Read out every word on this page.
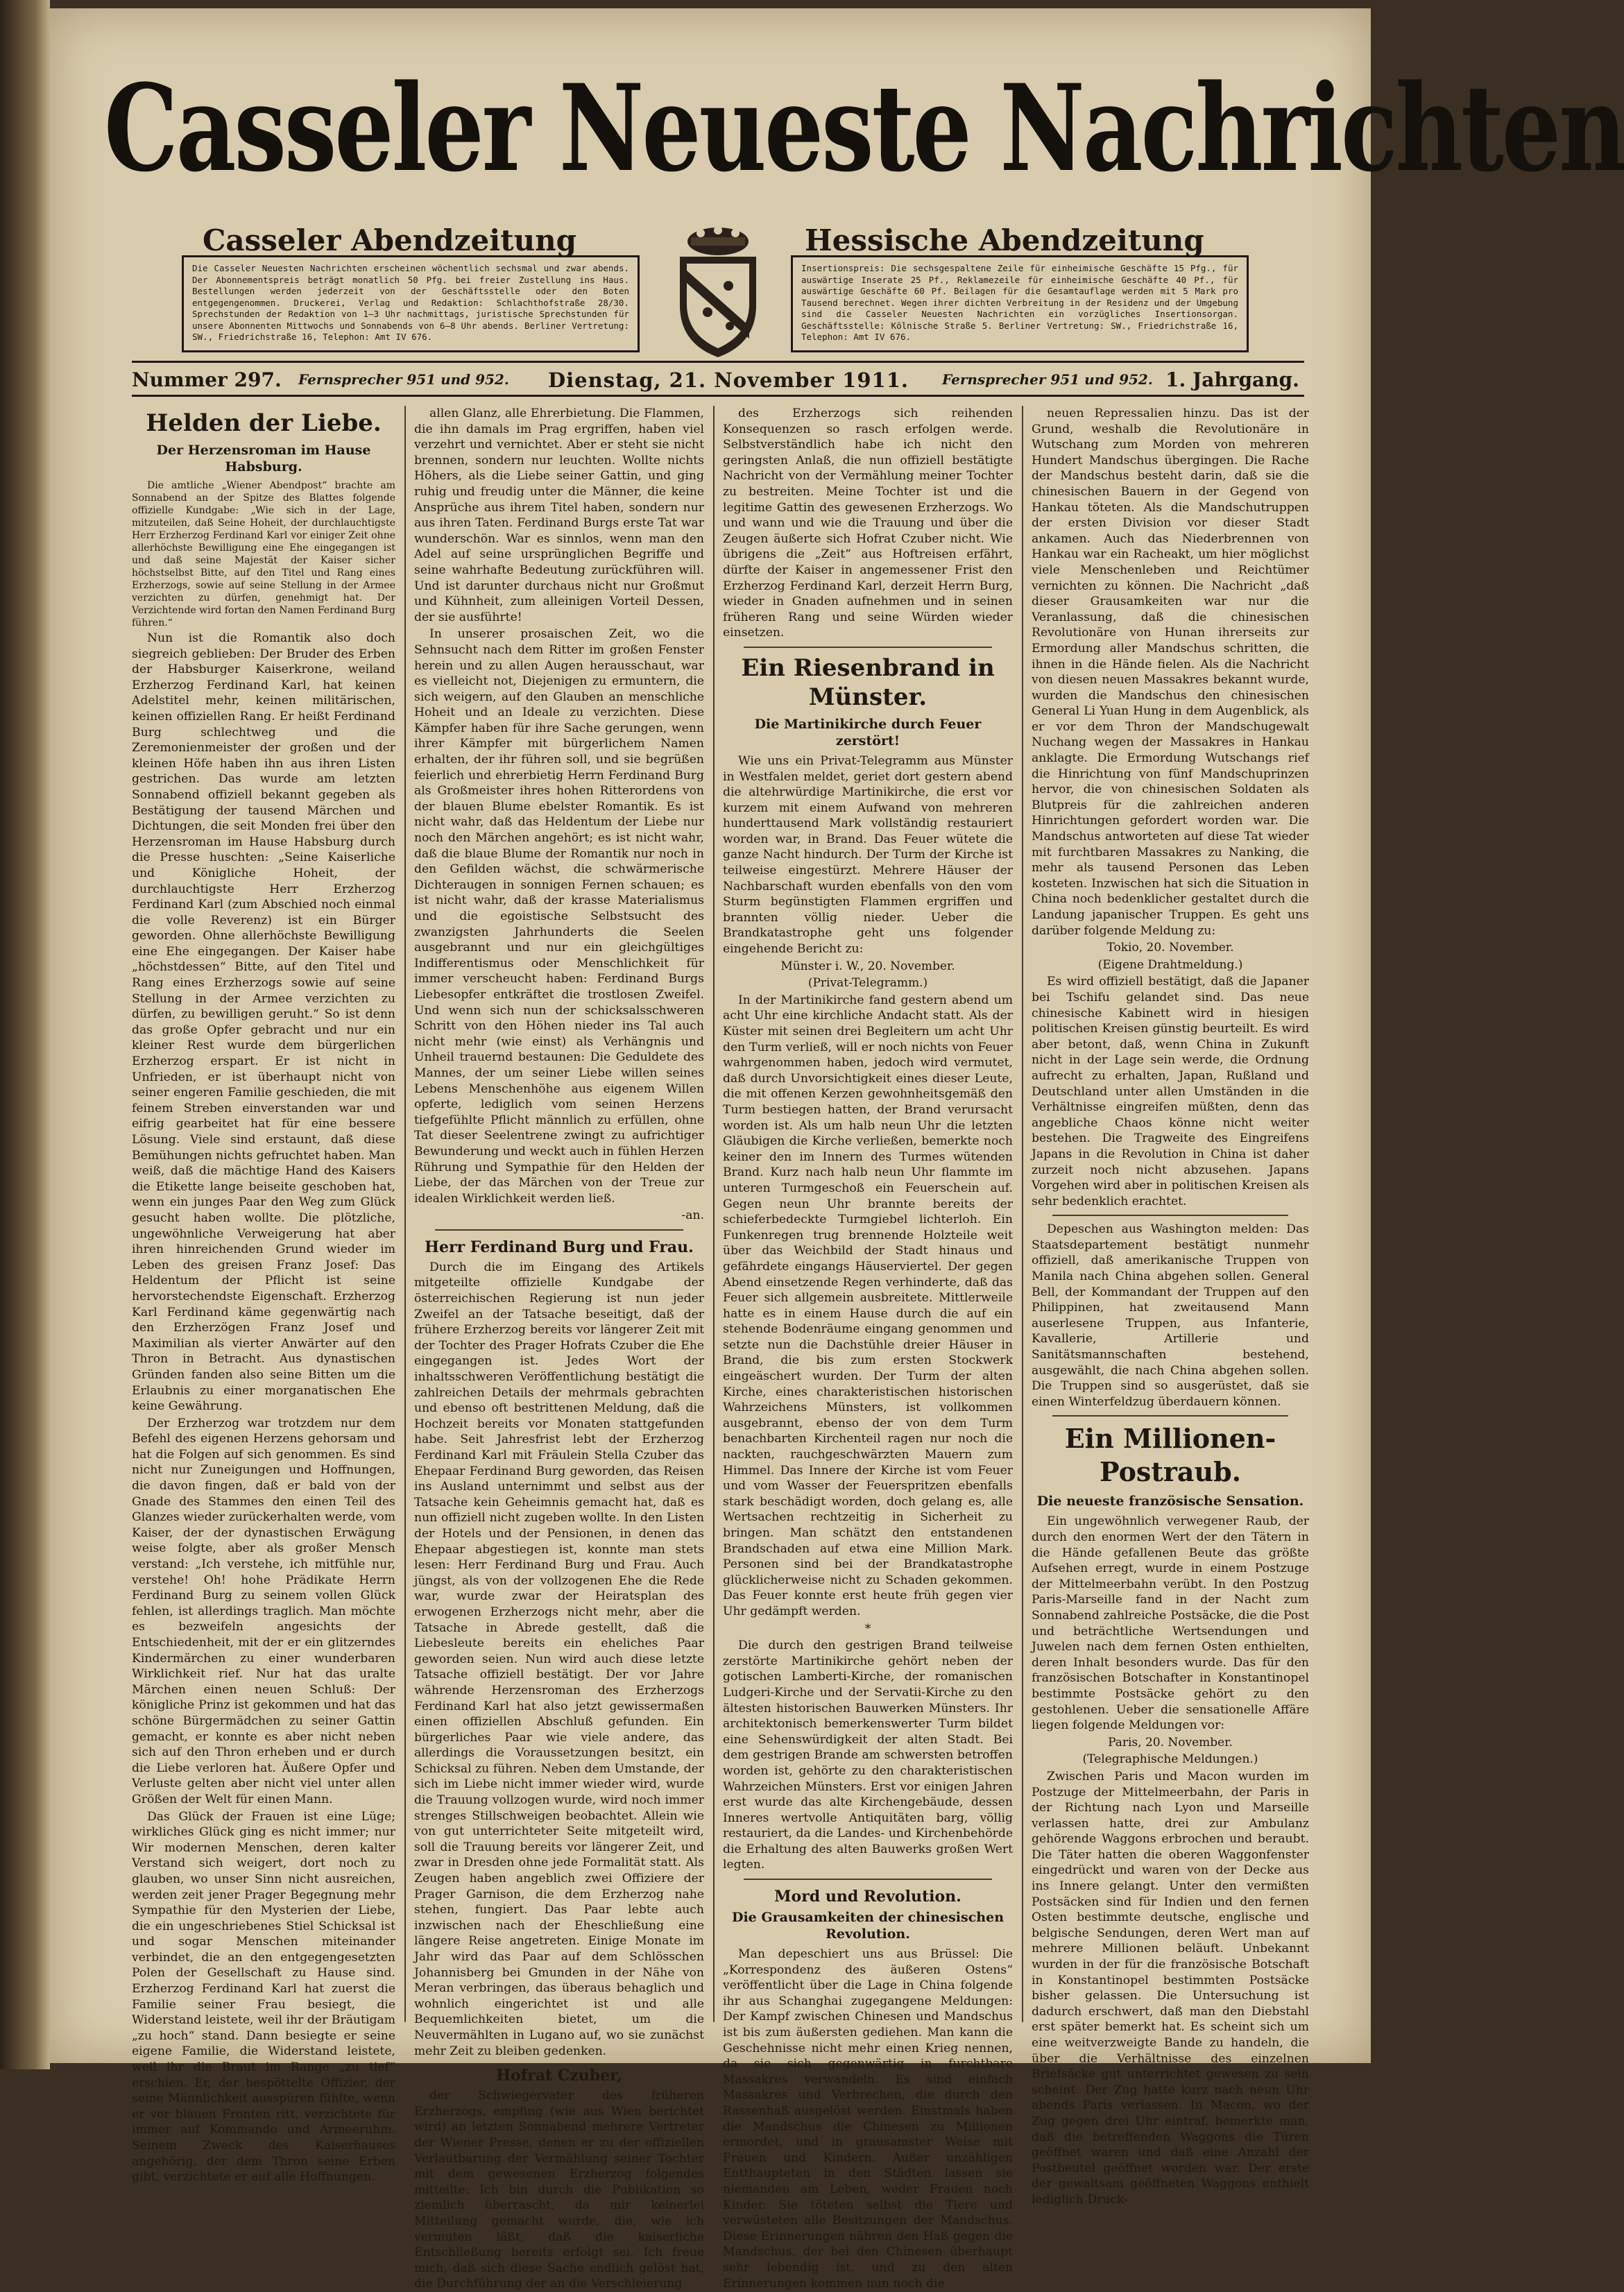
Casseler Neueste Nachrichten
Casseler Abendzeitung	Hessische Abendzeitung
Die Casseler Neuesten Nachrichten erscheinen wöchentlich sechsmal und zwar abends. Der Abonnementspreis beträgt monatlich 50 Pfg. bei freier Zustellung ins Haus. Bestellungen werden jederzeit von der Geschäftsstelle oder den Boten entgegengenommen. Druckerei, Verlag und Redaktion: Schlachthofstraße 28/30. Sprechstunden der Redaktion von 1–3 Uhr nachmittags, juristische Sprechstunden für unsere Abonnenten Mittwochs und Sonnabends von 6–8 Uhr abends. Berliner Vertretung: SW., Friedrichstraße 16, Telephon: Amt IV 676.
Insertionspreis: Die sechsgespaltene Zeile für einheimische Geschäfte 15 Pfg., für auswärtige Inserate 25 Pf., Reklamezeile für einheimische Geschäfte 40 Pf., für auswärtige Geschäfte 60 Pf. Beilagen für die Gesamtauflage werden mit 5 Mark pro Tausend berechnet. Wegen ihrer dichten Verbreitung in der Residenz und der Umgebung sind die Casseler Neuesten Nachrichten ein vorzügliches Insertionsorgan. Geschäftsstelle: Kölnische Straße 5. Berliner Vertretung: SW., Friedrichstraße 16, Telephon: Amt IV 676.
Nummer 297. Fernsprecher 951 und 952. Dienstag, 21. November 1911. Fernsprecher 951 und 952. 1. Jahrgang.
Helden der Liebe.
Der Herzensroman im Hause Habsburg.

Die amtliche „Wiener Abendpost“ brachte am Sonnabend an der Spitze des Blattes folgende offizielle Kundgabe: „Wie sich in der Lage, mitzuteilen, daß Seine Hoheit, der durchlauchtigste Herr Erzherzog Ferdinand Karl vor einiger Zeit ohne allerhöchste Bewilligung eine Ehe eingegangen ist und daß seine Majestät der Kaiser sicher höchstselbst Bitte, auf den Titel und Rang eines Erzherzogs, sowie auf seine Stellung in der Armee verzichten zu dürfen, genehmigt hat. Der Verzichtende wird fortan den Namen Ferdinand Burg führen.“

Nun ist die Romantik also doch siegreich geblieben: Der Bruder des Erben der Habsburger Kaiserkrone, weiland Erzherzog Ferdinand Karl, hat keinen Adelstitel mehr, keinen militärischen, keinen offiziellen Rang. Er heißt Ferdinand Burg schlechtweg und die Zeremonienmeister der großen und der kleinen Höfe haben ihn aus ihren Listen gestrichen. Das wurde am letzten Sonnabend offiziell bekannt gegeben als Bestätigung der tausend Märchen und Dichtungen, die seit Monden frei über den Herzensroman im Hause Habsburg durch die Presse huschten: „Seine Kaiserliche und Königliche Hoheit, der durchlauchtigste Herr Erzherzog Ferdinand Karl (zum Abschied noch einmal die volle Reverenz) ist ein Bürger geworden. Ohne allerhöchste Bewilligung eine Ehe eingegangen. Der Kaiser habe „höchstdessen“ Bitte, auf den Titel und Rang eines Erzherzogs sowie auf seine Stellung in der Armee verzichten zu dürfen, zu bewilligen geruht.“ So ist denn das große Opfer gebracht und nur ein kleiner Rest wurde dem bürgerlichen Erzherzog erspart. Er ist nicht in Unfrieden, er ist überhaupt nicht von seiner engeren Familie geschieden, die mit feinem Streben einverstanden war und eifrig gearbeitet hat für eine bessere Lösung. Viele sind erstaunt, daß diese Bemühungen nichts gefruchtet haben. Man weiß, daß die mächtige Hand des Kaisers die Etikette lange beiseite geschoben hat, wenn ein junges Paar den Weg zum Glück gesucht haben wollte. Die plötzliche, ungewöhnliche Verweigerung hat aber ihren hinreichenden Grund wieder im Leben des greisen Franz Josef: Das Heldentum der Pflicht ist seine hervorstechendste Eigenschaft. Erzherzog Karl Ferdinand käme gegenwärtig nach den Erzherzögen Franz Josef und Maximilian als vierter Anwärter auf den Thron in Betracht. Aus dynastischen Gründen fanden also seine Bitten um die Erlaubnis zu einer morganatischen Ehe keine Gewährung.

Der Erzherzog war trotzdem nur dem Befehl des eigenen Herzens gehorsam und hat die Folgen auf sich genommen. Es sind nicht nur Zuneigungen und Hoffnungen, die davon fingen, daß er bald von der Gnade des Stammes den einen Teil des Glanzes wieder zurückerhalten werde, vom Kaiser, der der dynastischen Erwägung weise folgte, aber als großer Mensch verstand: „Ich verstehe, ich mitfühle nur, verstehe! Oh! hohe Prädikate Herrn Ferdinand Burg zu seinem vollen Glück fehlen, ist allerdings traglich. Man möchte es bezweifeln angesichts der Entschiedenheit, mit der er ein glitzerndes Kindermärchen zu einer wunderbaren Wirklichkeit rief. Nur hat das uralte Märchen einen neuen Schluß: Der königliche Prinz ist gekommen und hat das schöne Bürgermädchen zu seiner Gattin gemacht, er konnte es aber nicht neben sich auf den Thron erheben und er durch die Liebe verloren hat. Äußere Opfer und Verluste gelten aber nicht viel unter allen Größen der Welt für einen Mann.

Das Glück der Frauen ist eine Lüge; wirkliches Glück ging es nicht immer; nur Wir modernen Menschen, deren kalter Verstand sich weigert, dort noch zu glauben, wo unser Sinn nicht ausreichen, werden zeit jener Prager Begegnung mehr Sympathie für den Mysterien der Liebe, die ein ungeschriebenes Stiel Schicksal ist und sogar Menschen miteinander verbindet, die an den entgegengesetzten Polen der Gesellschaft zu Hause sind. Erzherzog Ferdinand Karl hat zuerst die Familie seiner Frau besiegt, die Widerstand leistete, weil ihr der Bräutigam „zu hoch“ stand. Dann besiegte er seine eigene Familie, die Widerstand leistete, weil ihr die Braut im Range „zu tief“ erschien. Er, der bespöttelte Offizier, der seine Männlichkeit ausspüren fühlte, wenn er vor blauen Fronten ritt, verzichtete für immer auf Kommando und Armeeruhm. Seinem Zweck des Kaiserhauses angehörig, der dem Thron seine Erben gibt, verzichtete er auf alle Hoffnungen.

allen Glanz, alle Ehrerbietung. Die Flammen, die ihn damals im Prag ergriffen, haben viel verzehrt und vernichtet. Aber er steht sie nicht brennen, sondern nur leuchten. Wollte nichts Höhers, als die Liebe seiner Gattin, und ging ruhig und freudig unter die Männer, die keine Ansprüche aus ihrem Titel haben, sondern nur aus ihren Taten. Ferdinand Burgs erste Tat war wunderschön. War es sinnlos, wenn man den Adel auf seine ursprünglichen Begriffe und seine wahrhafte Bedeutung zurückführen will. Und ist darunter durchaus nicht nur Großmut und Kühnheit, zum alleinigen Vorteil Dessen, der sie ausführte!

In unserer prosaischen Zeit, wo die Sehnsucht nach dem Ritter im großen Fenster herein und zu allen Augen herausschaut, war es vielleicht not, Diejenigen zu ermuntern, die sich weigern, auf den Glauben an menschliche Hoheit und an Ideale zu verzichten. Diese Kämpfer haben für ihre Sache gerungen, wenn ihrer Kämpfer mit bürgerlichem Namen erhalten, der ihr führen soll, und sie begrüßen feierlich und ehrerbietig Herrn Ferdinand Burg als Großmeister ihres hohen Ritterordens von der blauen Blume ebelster Romantik. Es ist nicht wahr, daß das Heldentum der Liebe nur noch den Märchen angehört; es ist nicht wahr, daß die blaue Blume der Romantik nur noch in den Gefilden wächst, die schwärmerische Dichteraugen in sonnigen Fernen schauen; es ist nicht wahr, daß der krasse Materialismus und die egoistische Selbstsucht des zwanzigsten Jahrhunderts die Seelen ausgebrannt und nur ein gleichgültiges Indifferentismus oder Menschlichkeit für immer verscheucht haben: Ferdinand Burgs Liebesopfer entkräftet die trostlosen Zweifel. Und wenn sich nun der schicksalsschweren Schritt von den Höhen nieder ins Tal auch nicht mehr (wie einst) als Verhängnis und Unheil trauernd bestaunen: Die Geduldete des Mannes, der um seiner Liebe willen seines Lebens Menschenhöhe aus eigenem Willen opferte, lediglich vom seinen Herzens tiefgefühlte Pflicht männlich zu erfüllen, ohne Tat dieser Seelentrene zwingt zu aufrichtiger Bewunderung und weckt auch in fühlen Herzen Rührung und Sympathie für den Helden der Liebe, der das Märchen von der Treue zur idealen Wirklichkeit werden ließ.

-an.

Herr Ferdinand Burg und Frau.

Durch die im Eingang des Artikels mitgeteilte offizielle Kundgabe der österreichischen Regierung ist nun jeder Zweifel an der Tatsache beseitigt, daß der frühere Erzherzog bereits vor längerer Zeit mit der Tochter des Prager Hofrats Czuber die Ehe eingegangen ist. Jedes Wort der inhaltsschweren Veröffentlichung bestätigt die zahlreichen Details der mehrmals gebrachten und ebenso oft bestrittenen Meldung, daß die Hochzeit bereits vor Monaten stattgefunden habe. Seit Jahresfrist lebt der Erzherzog Ferdinand Karl mit Fräulein Stella Czuber das Ehepaar Ferdinand Burg geworden, das Reisen ins Ausland unternimmt und selbst aus der Tatsache kein Geheimnis gemacht hat, daß es nun offiziell nicht zugeben wollte. In den Listen der Hotels und der Pensionen, in denen das Ehepaar abgestiegen ist, konnte man stets lesen: Herr Ferdinand Burg und Frau. Auch jüngst, als von der vollzogenen Ehe die Rede war, wurde zwar der Heiratsplan des erwogenen Erzherzogs nicht mehr, aber die Tatsache in Abrede gestellt, daß die Liebesleute bereits ein eheliches Paar geworden seien. Nun wird auch diese letzte Tatsache offiziell bestätigt. Der vor Jahre währende Herzensroman des Erzherzogs Ferdinand Karl hat also jetzt gewissermaßen einen offiziellen Abschluß gefunden. Ein bürgerliches Paar wie viele andere, das allerdings die Voraussetzungen besitzt, ein Schicksal zu führen. Neben dem Umstande, der sich im Liebe nicht immer wieder wird, wurde die Trauung vollzogen wurde, wird noch immer strenges Stillschweigen beobachtet. Allein wie von gut unterrichteter Seite mitgeteilt wird, soll die Trauung bereits vor längerer Zeit, und zwar in Dresden ohne jede Formalität statt. Als Zeugen haben angeblich zwei Offiziere der Prager Garnison, die dem Erzherzog nahe stehen, fungiert. Das Paar lebte auch inzwischen nach der Eheschließung eine längere Reise angetreten. Einige Monate im Jahr wird das Paar auf dem Schlösschen Johannisberg bei Gmunden in der Nähe von Meran verbringen, das überaus behaglich und wohnlich eingerichtet ist und alle Bequemlichkeiten bietet, um die Neuvermählten in Lugano auf, wo sie zunächst mehr Zeit zu bleiben gedenken.

Hofrat Czuber,

der Schwiegervater des früheren Erzherzogs, empfing (wie aus Wien berichtet wird) an letzten Sonnabend mehrere Vertreter der Wiener Presse, denen er zu der offiziellen Verlautbarung der Vermählung seiner Tochter mit dem gewesenen Erzherzog folgendes mitteilte: Ich bin durch die Publikation so ziemlich überrascht, da mir keinerlei Mitteilung gemacht wurde, die, wie ich vermuten läßt, daß die kaiserliche Entschließung bereits erfolgt sei. Ich freue mich, daß sich diese Sache endlich gelöst hat, die Durchführung der an die Verschleierung

des Erzherzogs sich reihenden Konsequenzen so rasch erfolgen werde. Selbstverständlich habe ich nicht den geringsten Anlaß, die nun offiziell bestätigte Nachricht von der Vermählung meiner Tochter zu bestreiten. Meine Tochter ist und die legitime Gattin des gewesenen Erzherzogs. Wo und wann und wie die Trauung und über die Zeugen äußerte sich Hofrat Czuber nicht. Wie übrigens die „Zeit“ aus Hoftreisen erfährt, dürfte der Kaiser in angemessener Frist den Erzherzog Ferdinand Karl, derzeit Herrn Burg, wieder in Gnaden aufnehmen und in seinen früheren Rang und seine Würden wieder einsetzen.

Ein Riesenbrand in Münster.
Die Martinikirche durch Feuer zerstört!

Wie uns ein Privat-Telegramm aus Münster in Westfalen meldet, geriet dort gestern abend die altehrwürdige Martinikirche, die erst vor kurzem mit einem Aufwand von mehreren hunderttausend Mark vollständig restauriert worden war, in Brand. Das Feuer wütete die ganze Nacht hindurch. Der Turm der Kirche ist teilweise eingestürzt. Mehrere Häuser der Nachbarschaft wurden ebenfalls von den vom Sturm begünstigten Flammen ergriffen und brannten völlig nieder. Ueber die Brandkatastrophe geht uns folgender eingehende Bericht zu:

Münster i. W., 20. November.

(Privat-Telegramm.)

In der Martinikirche fand gestern abend um acht Uhr eine kirchliche Andacht statt. Als der Küster mit seinen drei Begleitern um acht Uhr den Turm verließ, will er noch nichts von Feuer wahrgenommen haben, jedoch wird vermutet, daß durch Unvorsichtigkeit eines dieser Leute, die mit offenen Kerzen gewohnheitsgemäß den Turm bestiegen hatten, der Brand verursacht worden ist. Als um halb neun Uhr die letzten Gläubigen die Kirche verließen, bemerkte noch keiner den im Innern des Turmes wütenden Brand. Kurz nach halb neun Uhr flammte im unteren Turmgeschoß ein Feuerschein auf. Gegen neun Uhr brannte bereits der schieferbedeckte Turmgiebel lichterloh. Ein Funkenregen trug brennende Holzteile weit über das Weichbild der Stadt hinaus und gefährdete eingangs Häuserviertel. Der gegen Abend einsetzende Regen verhinderte, daß das Feuer sich allgemein ausbreitete. Mittlerweile hatte es in einem Hause durch die auf ein stehende Bodenräume eingang genommen und setzte nun die Dachstühle dreier Häuser in Brand, die bis zum ersten Stockwerk eingeäschert wurden. Der Turm der alten Kirche, eines charakteristischen historischen Wahrzeichens Münsters, ist vollkommen ausgebrannt, ebenso der von dem Turm benachbarten Kirchenteil ragen nur noch die nackten, rauchgeschwärzten Mauern zum Himmel. Das Innere der Kirche ist vom Feuer und vom Wasser der Feuerspritzen ebenfalls stark beschädigt worden, doch gelang es, alle Wertsachen rechtzeitig in Sicherheit zu bringen. Man schätzt den entstandenen Brandschaden auf etwa eine Million Mark. Personen sind bei der Brandkatastrophe glücklicherweise nicht zu Schaden gekommen. Das Feuer konnte erst heute früh gegen vier Uhr gedämpft werden.

*

Die durch den gestrigen Brand teilweise zerstörte Martinikirche gehört neben der gotischen Lamberti-Kirche, der romanischen Ludgeri-Kirche und der Servatii-Kirche zu den ältesten historischen Bauwerken Münsters. Ihr architektonisch bemerkenswerter Turm bildet eine Sehenswürdigkeit der alten Stadt. Bei dem gestrigen Brande am schwersten betroffen worden ist, gehörte zu den charakteristischen Wahrzeichen Münsters. Erst vor einigen Jahren erst wurde das alte Kirchengebäude, dessen Inneres wertvolle Antiquitäten barg, völlig restauriert, da die Landes- und Kirchenbehörde die Erhaltung des alten Bauwerks großen Wert legten.

Mord und Revolution.
Die Grausamkeiten der chinesischen Revolution.

Man depeschiert uns aus Brüssel: Die „Korrespondenz des äußeren Ostens“ veröffentlicht über die Lage in China folgende ihr aus Schanghai zugegangene Meldungen: Der Kampf zwischen Chinesen und Mandschus ist bis zum äußersten gediehen. Man kann die Geschehnisse nicht mehr einen Krieg nennen, da sie sich gegenwärtig in furchtbare Massakres verwandeln. Es sind einfach Massakres und Verbrechen, die durch den Rassenhaß ausgelöst werden. Einstmals haben die Mandschus die Chinesen zu Millionen ermordet, und in grausamster Weise mit Frauen und Kindern. Außer unzähligen Entthaupteten in den Städten lassen sie niemanden am Leben, weder Frauen noch Kinder. Sie töteten selbst die Tiere und verwüsteten alle Besitzungen der Mandschus. Diese Erinnerungen nähren den Haß gegen die Mandschus, der bei den Chinesen überhaupt sehr lebendig ist, und zu den alten Erinnerungen kommen nun noch die

neuen Repressalien hinzu. Das ist der Grund, weshalb die Revolutionäre in Wutschang zum Morden von mehreren Hundert Mandschus übergingen. Die Rache der Mandschus besteht darin, daß sie die chinesischen Bauern in der Gegend von Hankau töteten. Als die Mandschutruppen der ersten Division vor dieser Stadt ankamen. Auch das Niederbrennen von Hankau war ein Racheakt, um hier möglichst viele Menschenleben und Reichtümer vernichten zu können. Die Nachricht „daß dieser Grausamkeiten war nur die Veranlassung, daß die chinesischen Revolutionäre von Hunan ihrerseits zur Ermordung aller Mandschus schritten, die ihnen in die Hände fielen. Als die Nachricht von diesen neuen Massakres bekannt wurde, wurden die Mandschus den chinesischen General Li Yuan Hung in dem Augenblick, als er vor dem Thron der Mandschugewalt Nuchang wegen der Massakres in Hankau anklagte. Die Ermordung Wutschangs rief die Hinrichtung von fünf Mandschuprinzen hervor, die von chinesischen Soldaten als Blutpreis für die zahlreichen anderen Hinrichtungen gefordert worden war. Die Mandschus antworteten auf diese Tat wieder mit furchtbaren Massakres zu Nanking, die mehr als tausend Personen das Leben kosteten. Inzwischen hat sich die Situation in China noch bedenklicher gestaltet durch die Landung japanischer Truppen. Es geht uns darüber folgende Meldung zu:

Tokio, 20. November.

(Eigene Drahtmeldung.)

Es wird offiziell bestätigt, daß die Japaner bei Tschifu gelandet sind. Das neue chinesische Kabinett wird in hiesigen politischen Kreisen günstig beurteilt. Es wird aber betont, daß, wenn China in Zukunft nicht in der Lage sein werde, die Ordnung aufrecht zu erhalten, Japan, Rußland und Deutschland unter allen Umständen in die Verhältnisse eingreifen müßten, denn das angebliche Chaos könne nicht weiter bestehen. Die Tragweite des Eingreifens Japans in die Revolution in China ist daher zurzeit noch nicht abzusehen. Japans Vorgehen wird aber in politischen Kreisen als sehr bedenklich erachtet.

Depeschen aus Washington melden: Das Staatsdepartement bestätigt nunmehr offiziell, daß amerikanische Truppen von Manila nach China abgehen sollen. General Bell, der Kommandant der Truppen auf den Philippinen, hat zweitausend Mann auserlesene Truppen, aus Infanterie, Kavallerie, Artillerie und Sanitätsmannschaften bestehend, ausgewählt, die nach China abgehen sollen. Die Truppen sind so ausgerüstet, daß sie einen Winterfeldzug überdauern können.

Ein Millionen-Postraub.
Die neueste französische Sensation.

Ein ungewöhnlich verwegener Raub, der durch den enormen Wert der den Tätern in die Hände gefallenen Beute das größte Aufsehen erregt, wurde in einem Postzuge der Mittelmeerbahn verübt. In den Postzug Paris-Marseille fand in der Nacht zum Sonnabend zahlreiche Postsäcke, die die Post und beträchtliche Wertsendungen und Juwelen nach dem fernen Osten enthielten, deren Inhalt besonders wurde. Das für den französischen Botschafter in Konstantinopel bestimmte Postsäcke gehört zu den gestohlenen. Ueber die sensationelle Affäre liegen folgende Meldungen vor:

Paris, 20. November.

(Telegraphische Meldungen.)

Zwischen Paris und Macon wurden im Postzuge der Mittelmeerbahn, der Paris in der Richtung nach Lyon und Marseille verlassen hatte, drei zur Ambulanz gehörende Waggons erbrochen und beraubt. Die Täter hatten die oberen Waggonfenster eingedrückt und waren von der Decke aus ins Innere gelangt. Unter den vermißten Postsäcken sind für Indien und den fernen Osten bestimmte deutsche, englische und belgische Sendungen, deren Wert man auf mehrere Millionen beläuft. Unbekannt wurden in der für die französische Botschaft in Konstantinopel bestimmten Postsäcke bisher gelassen. Die Untersuchung ist dadurch erschwert, daß man den Diebstahl erst später bemerkt hat. Es scheint sich um eine weitverzweigte Bande zu handeln, die über die Verhältnisse des einzelnen Briefsäcke gut unterrichtet gewesen zu sein scheint. Der Zug hatte kurz nach neun Uhr abends Paris verlassen. In Macon, wo der Zug gegen drei Uhr eintraf, bemerkte man, daß die betreffenden Waggons die Türen geöffnet waren und daß eine Anzahl der Postbeutel geöffnet worden war. Der erste der gewaltsam geöffneten Waggons enthielt lediglich Druck-
